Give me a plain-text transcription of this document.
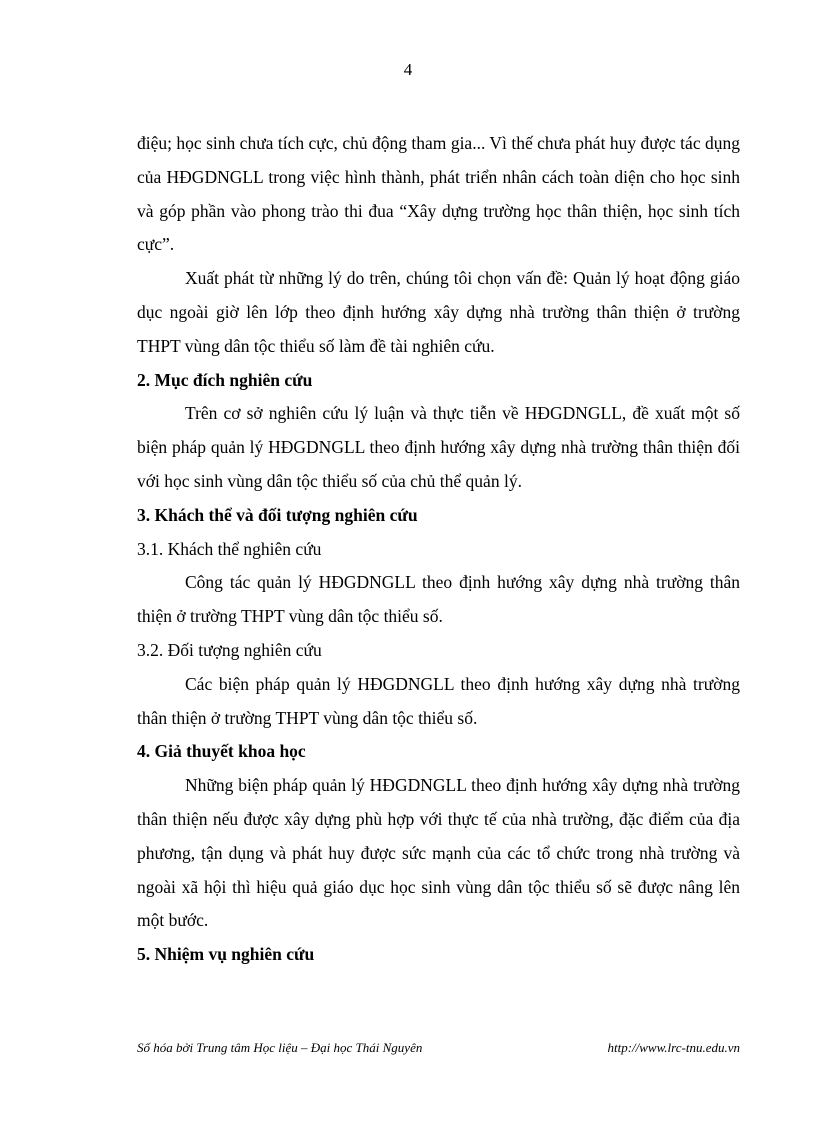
4

điệu; học sinh chưa tích cực, chủ động tham gia... Vì thế chưa phát huy được tác dụng của HĐGDNGLL trong việc hình thành, phát triển nhân cách toàn diện cho học sinh và góp phần vào phong trào thi đua “Xây dựng trường học thân thiện, học sinh tích cực”.

Xuất phát từ những lý do trên, chúng tôi chọn vấn đề: Quản lý hoạt động giáo dục ngoài giờ lên lớp theo định hướng xây dựng nhà trường thân thiện ở trường THPT vùng dân tộc thiểu số làm đề tài nghiên cứu.

2. Mục đích nghiên cứu

Trên cơ sở nghiên cứu lý luận và thực tiễn về HĐGDNGLL, đề xuất một số biện pháp quản lý HĐGDNGLL theo định hướng xây dựng nhà trường thân thiện đối với học sinh vùng dân tộc thiểu số của chủ thể quản lý.

3. Khách thể và đối tượng nghiên cứu

3.1. Khách thể nghiên cứu

Công tác quản lý HĐGDNGLL theo định hướng xây dựng nhà trường thân thiện ở trường THPT vùng dân tộc thiểu số.

3.2. Đối tượng nghiên cứu

Các biện pháp quản lý HĐGDNGLL theo định hướng xây dựng nhà trường thân thiện ở trường THPT vùng dân tộc thiểu số.

4. Giả thuyết khoa học

Những biện pháp quản lý HĐGDNGLL theo định hướng xây dựng nhà trường thân thiện nếu được xây dựng phù hợp với thực tế của nhà trường, đặc điểm của địa phương, tận dụng và phát huy được sức mạnh của các tổ chức trong nhà trường và ngoài xã hội thì hiệu quả giáo dục học sinh vùng dân tộc thiểu số sẽ được nâng lên một bước.

5. Nhiệm vụ nghiên cứu

Số hóa bởi Trung tâm Học liệu – Đại học Thái Nguyên	http://www.lrc-tnu.edu.vn
